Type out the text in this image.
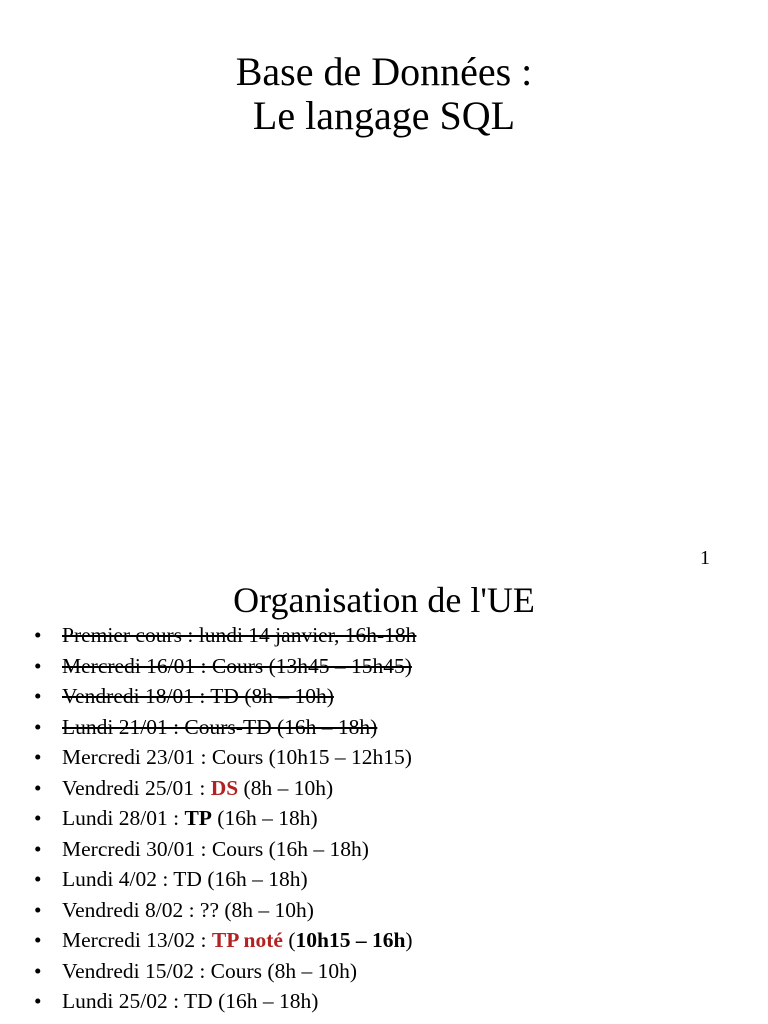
Base de Données :
Le langage SQL
1
Organisation de l'UE
• Premier cours : lundi 14 janvier, 16h-18h
• Mercredi 16/01 : Cours (13h45 – 15h45)
• Vendredi 18/01 : TD (8h – 10h)
• Lundi 21/01 : Cours-TD (16h – 18h)
• Mercredi 23/01 : Cours (10h15 – 12h15)
• Vendredi 25/01 : DS (8h – 10h)
• Lundi 28/01 : TP (16h – 18h)
• Mercredi 30/01 : Cours (16h – 18h)
• Lundi 4/02 : TD (16h – 18h)
• Vendredi 8/02 : ?? (8h – 10h)
• Mercredi 13/02 : TP noté (10h15 – 16h)
• Vendredi 15/02 : Cours (8h – 10h)
• Lundi 25/02 : TD (16h – 18h)
